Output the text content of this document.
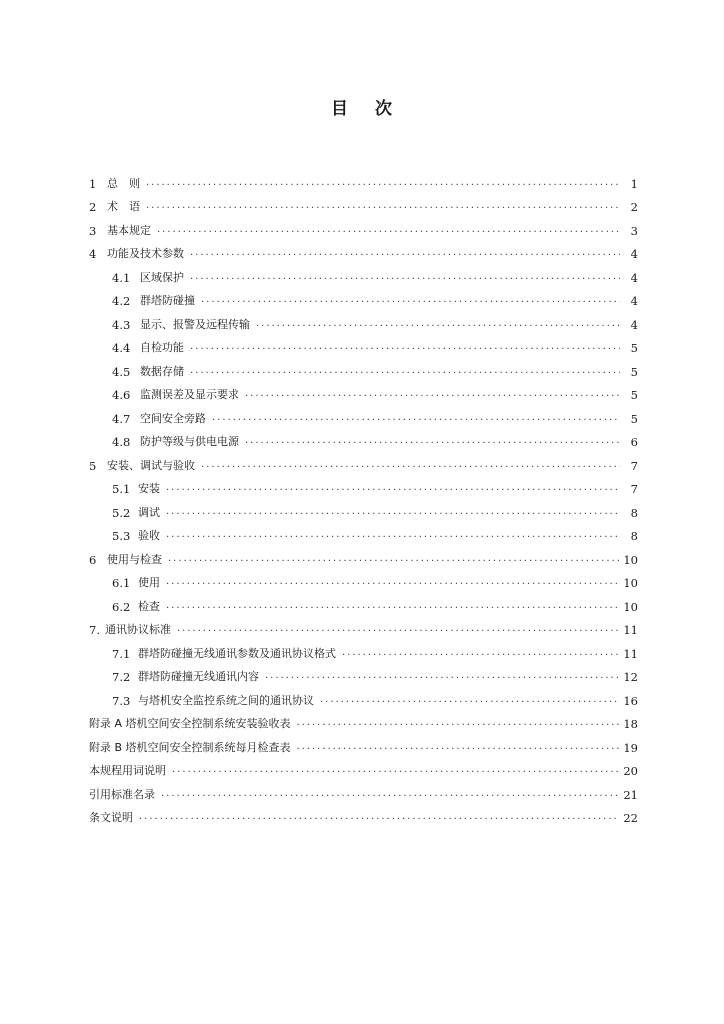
目 次
1 总　则 . . .	1
2 术　语 . . .	2
3 基本规定 . . .	3
4 功能及技术参数 . . .	4
4.1 区域保护 . . .	4
4.2 群塔防碰撞 . . .	4
4.3 显示、报警及远程传输 . . .	4
4.4 自检功能 . . .	5
4.5 数据存储 . . .	5
4.6 监测误差及显示要求 . . .	5
4.7 空间安全旁路 . . .	5
4.8 防护等级与供电电源 . . .	6
5 安装、调试与验收 . . .	7
5.1 安装 . . .	7
5.2 调试 . . .	8
5.3 验收 . . .	8
6 使用与检查 . . .	10
6.1 使用 . . .	10
6.2 检查 . . .	10
7. 通讯协议标准 . . .	11
7.1 群塔防碰撞无线通讯参数及通讯协议格式 . . .	11
7.2 群塔防碰撞无线通讯内容 . . .	12
7.3 与塔机安全监控系统之间的通讯协议 . . .	16
附录 A 塔机空间安全控制系统安装验收表 . . .	18
附录 B 塔机空间安全控制系统每月检查表 . . .	19
本规程用词说明 . . .	20
引用标准名录 . . .	21
条文说明 . . .	22
